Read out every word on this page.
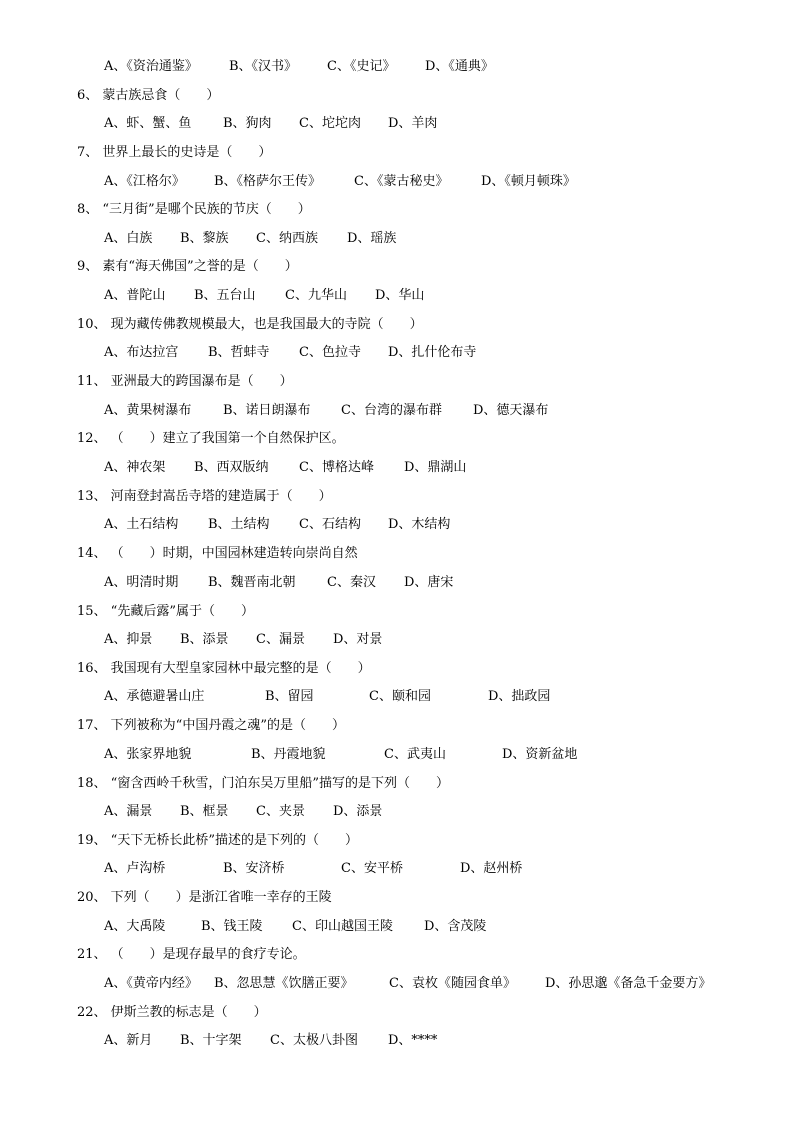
A、《资治通鉴》

B、《汉书》

C、《史记》

D、《通典》

6、 蒙古族忌食（　　）

A、虾、蟹、鱼

B、狗肉

C、坨坨肉

D、羊肉

7、 世界上最长的史诗是（　　）

A、《江格尔》

B、《格萨尔王传》

	C、《蒙古秘史》

	D、《顿月顿珠》

8、 “三月街”是哪个民族的节庆（　　）

A、白族

B、黎族

C、纳西族

D、瑶族

9、 素有“海天佛国”之誉的是（　　）

A、普陀山

B、五台山

C、九华山

D、华山

10、 现为藏传佛教规模最大，也是我国最大的寺院（　　）

A、布达拉宫

B、哲蚌寺

C、色拉寺

D、扎什伦布寺

11、 亚洲最大的跨国瀑布是（　　）

A、黄果树瀑布

B、诺日朗瀑布

C、台湾的瀑布群

D、德天瀑布

12、 （　　）建立了我国第一个自然保护区。

A、神农架

B、西双版纳

C、博格达峰

D、鼎湖山

13、 河南登封嵩岳寺塔的建造属于（　　）

A、土石结构

B、土结构

C、石结构

D、木结构

14、 （　　）时期，中国园林建造转向崇尚自然

A、明清时期

B、魏晋南北朝

C、秦汉

D、唐宋

15、 “先藏后露”属于（　　）

A、抑景

B、添景

C、漏景

D、对景

16、 我国现有大型皇家园林中最完整的是（　　）

A、承德避暑山庄

	B、留园

	C、颐和园

	D、拙政园

17、 下列被称为“中国丹霞之魂”的是（　　）

A、张家界地貌

	B、丹霞地貌

	C、武夷山

	D、资新盆地

18、 “窗含西岭千秋雪，门泊东吴万里船”描写的是下列（　　）

A、漏景

B、框景

C、夹景

D、添景

19、 “天下无桥长此桥”描述的是下列的（　　）

A、卢沟桥

	B、安济桥

	C、安平桥

	D、赵州桥

20、 下列（　　）是浙江省唯一幸存的王陵

A、大禹陵

	B、钱王陵

C、印山越国王陵

D、含茂陵

21、 （　　）是现存最早的食疗专论。

A、《黄帝内经》

B、忽思慧《饮膳正要》

	C、袁枚《随园食单》

D、孙思邈《备急千金要方》

22、 伊斯兰教的标志是（　　）

A、新月

B、十字架

C、太极八卦图

D、****
